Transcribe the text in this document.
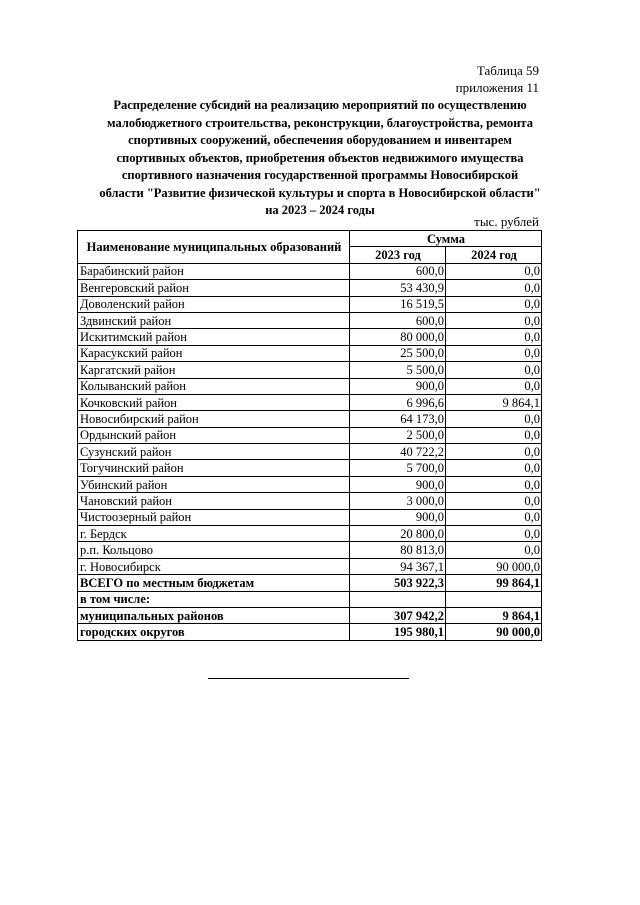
Таблица 59
приложения 11
Распределение субсидий на реализацию мероприятий по осуществлению
малобюджетного строительства, реконструкции, благоустройства, ремонта
спортивных сооружений, обеспечения оборудованием и инвентарем
спортивных объектов, приобретения объектов недвижимого имущества
спортивного назначения государственной программы Новосибирской
области "Развитие физической культуры и спорта в Новосибирской области"
на 2023 – 2024 годы
тыс. рублей
Наименование муниципальных образований	Сумма	
	2023 год	2024 год
Барабинский район	600,0	0,0
Венгеровский район	53 430,9	0,0
Доволенский район	16 519,5	0,0
Здвинский район	600,0	0,0
Искитимский район	80 000,0	0,0
Карасукский район	25 500,0	0,0
Каргатский район	5 500,0	0,0
Колыванский район	900,0	0,0
Кочковский район	6 996,6	9 864,1
Новосибирский район	64 173,0	0,0
Ордынский район	2 500,0	0,0
Сузунский район	40 722,2	0,0
Тогучинский район	5 700,0	0,0
Убинский район	900,0	0,0
Чановский район	3 000,0	0,0
Чистоозерный район	900,0	0,0
г. Бердск	20 800,0	0,0
р.п. Кольцово	80 813,0	0,0
г. Новосибирск	94 367,1	90 000,0
ВСЕГО по местным бюджетам	503 922,3	99 864,1
в том числе:		
муниципальных районов	307 942,2	9 864,1
городских округов	195 980,1	90 000,0
